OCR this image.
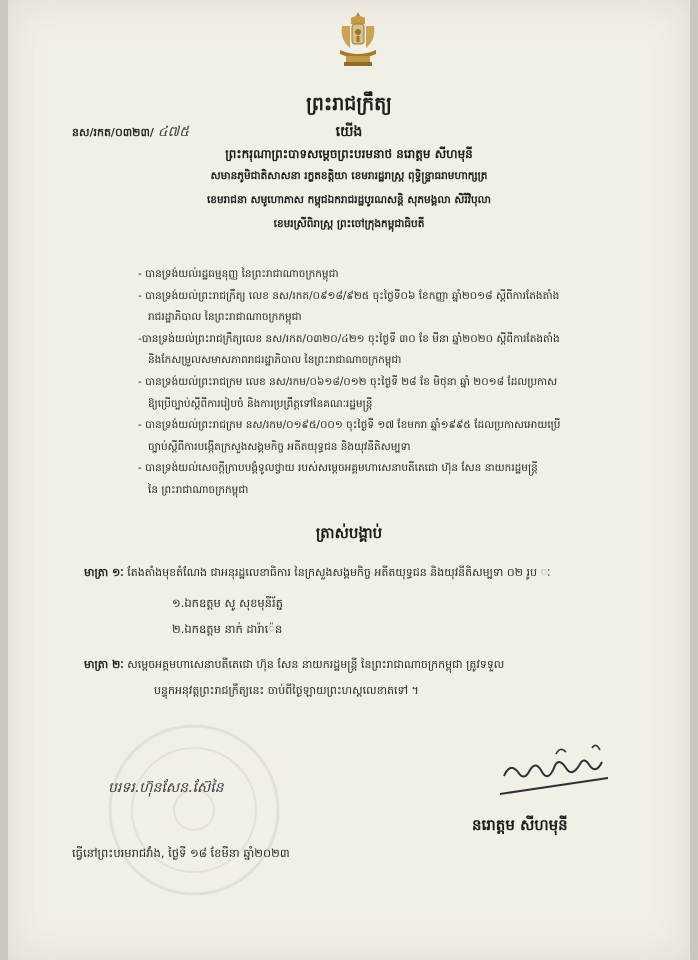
ព្រះរាជក្រឹត្យ
នស/រកត/០៣២៣/ ៤៧៥	យើង
ព្រះករុណាព្រះបាទសម្តេចព្រះបរមនាថ នរោត្តម សីហមុនី
សមានភូមិជាតិសាសនា រក្ខតខត្តិយា ខេមរារដ្ឋរាស្ត្រ ពុទ្ធិន្ទ្រាធរាមហាក្សត្រ
ខេមរាជនា សមូហោភាស កម្ពុជឯករាជរដ្ឋបូរណសន្តិ សុភមង្គលា សិរីវិបុលា
ខេមរស្រីពិរាស្ត្រ ព្រះចៅក្រុងកម្ពុជាធិបតី
- បានទ្រង់យល់រដ្ឋធម្មនុញ្ញ នៃព្រះរាជាណាចក្រកម្ពុជា
- បានទ្រង់យល់ព្រះរាជក្រឹត្យ លេខ នស/រកត/០៩១៨/៩២៥ ចុះថ្ងៃទី០៦ ខែកញ្ញា ឆ្នាំ២០១៨ ស្តីពីការតែងតាំង
រាជរដ្ឋាភិបាល នៃព្រះរាជាណាចក្រកម្ពុជា
-បានទ្រង់យល់ព្រះរាជក្រឹត្យលេខ នស/រកត/០៣២០/៤២១ ចុះថ្ងៃទី ៣០ ខែ មីនា ឆ្នាំ២០២០ ស្តីពីការតែងតាំង
និងកែសម្រួលសមាសភាពរាជរដ្ឋាភិបាល នៃព្រះរាជាណាចក្រកម្ពុជា
- បានទ្រង់យល់ព្រះរាជក្រម លេខ នស/រកម/០៦១៨/០១២ ចុះថ្ងៃទី ២៨ ខែ មិថុនា ឆ្នាំ ២០១៨ ដែលប្រកាស
ឱ្យប្រើច្បាប់ស្តីពីការរៀបចំ និងការប្រព្រឹត្តទៅនៃគណៈរដ្ឋមន្ត្រី
- បានទ្រង់យល់ព្រះរាជក្រម នស/រកម/០១៩៥/០០១ ចុះថ្ងៃទី ១៧ ខែមករា ឆ្នាំ១៩៩៥ ដែលប្រកាសអោយប្រើ
ច្បាប់ស្តីពីការបង្កើតក្រសួងសង្គមកិច្ច អតីតយុទ្ធជន និងយុវនីតិសម្បទា
- បានទ្រង់យល់សេចក្តីក្រាបបង្គំទូលថ្វាយ របស់សម្តេចអគ្គមហាសេនាបតីតេជោ ហ៊ុន សែន នាយករដ្ឋមន្ត្រី
នៃ ព្រះរាជាណាចក្រកម្ពុជា
ត្រាស់បង្គាប់
មាត្រា ១ៈ តែងតាំងមុខតំណែង ជាអនុរដ្ឋលេខាធិការ នៃក្រសួងសង្គមកិច្ច អតីតយុទ្ធជន និងយុវនីតិសម្បទា ០២ រូប ៈ
១.ឯកឧត្តម សូ សុខមុនីរ័ត្ន
២.ឯកឧត្តម នាក់ ដារ៉ា៉េន
មាត្រា ២ៈ សម្តេចអគ្គមហាសេនាបតីតេជោ ហ៊ុន សែន នាយករដ្ឋមន្ត្រី នៃព្រះរាជាណាចក្រកម្ពុជា ត្រូវទទួល
បន្ទុកអនុវត្តព្រះរាជក្រឹត្យនេះ ចាប់ពីថ្ងៃឡាយព្រះហស្តលេខាតទៅ ។
បរទរ.ហ៊ុនសែន.ស៊ែនៃ
នរោត្តម សីហមុនី
ធ្វើនៅព្រះបរមរាជវាំង, ថ្ងៃទី ១៨ ខែមីនា ឆ្នាំ២០២៣
